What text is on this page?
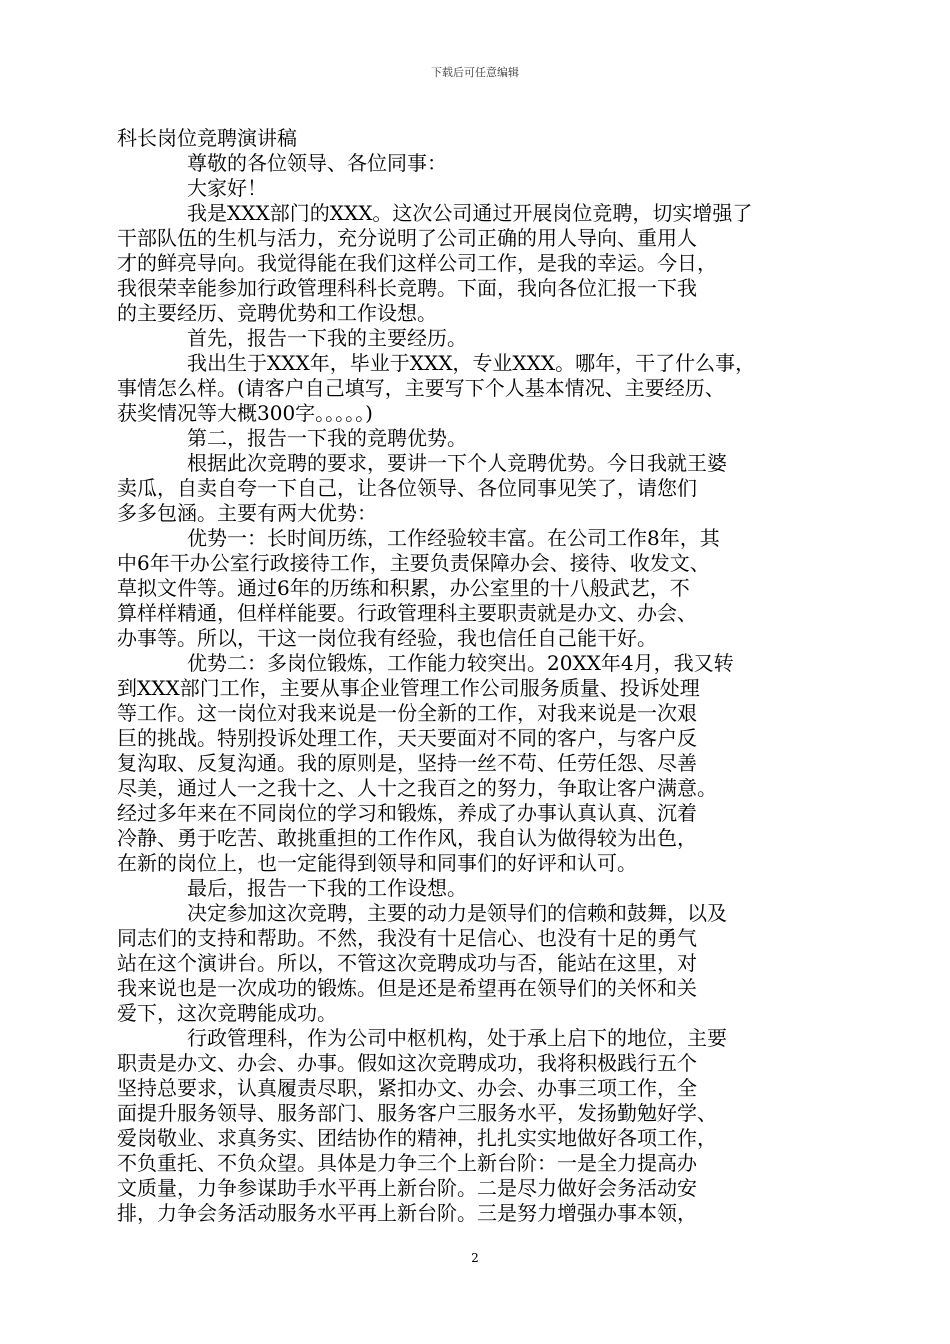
下载后可任意编辑
科长岗位竞聘演讲稿
尊敬的各位领导、各位同事：
大家好！
我是XXX部门的XXX。这次公司通过开展岗位竞聘，切实增强了
干部队伍的生机与活力，充分说明了公司正确的用人导向、重用人
才的鲜亮导向。我觉得能在我们这样公司工作，是我的幸运。今日，
我很荣幸能参加行政管理科科长竞聘。下面，我向各位汇报一下我
的主要经历、竞聘优势和工作设想。
首先，报告一下我的主要经历。
我出生于XXX年，毕业于XXX，专业XXX。哪年，干了什么事，
事情怎么样。(请客户自己填写，主要写下个人基本情况、主要经历、
获奖情况等大概300字。。。。。)
第二，报告一下我的竞聘优势。
根据此次竞聘的要求，要讲一下个人竞聘优势。今日我就王婆
卖瓜，自卖自夸一下自己，让各位领导、各位同事见笑了，请您们
多多包涵。主要有两大优势：
优势一：长时间历练，工作经验较丰富。在公司工作8年，其
中6年干办公室行政接待工作，主要负责保障办会、接待、收发文、
草拟文件等。通过6年的历练和积累，办公室里的十八般武艺，不
算样样精通，但样样能要。行政管理科主要职责就是办文、办会、
办事等。所以，干这一岗位我有经验，我也信任自己能干好。
优势二：多岗位锻炼，工作能力较突出。20XX年4月，我又转
到XXX部门工作，主要从事企业管理工作公司服务质量、投诉处理
等工作。这一岗位对我来说是一份全新的工作，对我来说是一次艰
巨的挑战。特别投诉处理工作，天天要面对不同的客户，与客户反
复沟取、反复沟通。我的原则是，坚持一丝不苟、任劳任怨、尽善
尽美，通过人一之我十之、人十之我百之的努力，争取让客户满意。
经过多年来在不同岗位的学习和锻炼，养成了办事认真认真、沉着
冷静、勇于吃苦、敢挑重担的工作作风，我自认为做得较为出色，
在新的岗位上，也一定能得到领导和同事们的好评和认可。
最后，报告一下我的工作设想。
决定参加这次竞聘，主要的动力是领导们的信赖和鼓舞，以及
同志们的支持和帮助。不然，我没有十足信心、也没有十足的勇气
站在这个演讲台。所以，不管这次竞聘成功与否，能站在这里，对
我来说也是一次成功的锻炼。但是还是希望再在领导们的关怀和关
爱下，这次竞聘能成功。
行政管理科，作为公司中枢机构，处于承上启下的地位，主要
职责是办文、办会、办事。假如这次竞聘成功，我将积极践行五个
坚持总要求，认真履责尽职，紧扣办文、办会、办事三项工作，全
面提升服务领导、服务部门、服务客户三服务水平，发扬勤勉好学、
爱岗敬业、求真务实、团结协作的精神，扎扎实实地做好各项工作，
不负重托、不负众望。具体是力争三个上新台阶：一是全力提高办
文质量，力争参谋助手水平再上新台阶。二是尽力做好会务活动安
排，力争会务活动服务水平再上新台阶。三是努力增强办事本领，
2
